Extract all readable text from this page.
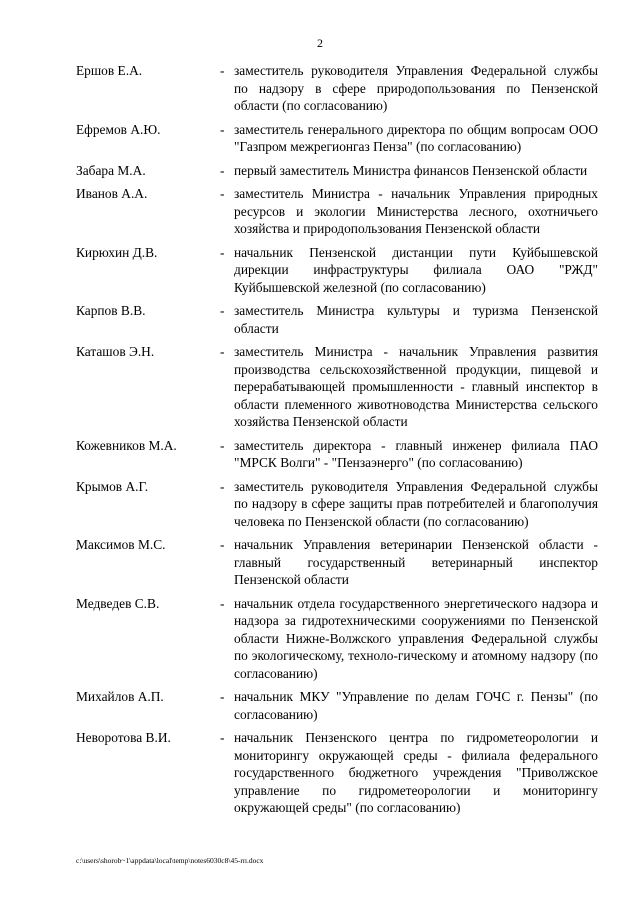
2
Ершов Е.А.	- заместитель руководителя Управления Федеральной службы по надзору в сфере природопользования по Пензенской области (по согласованию)
Ефремов А.Ю.	- заместитель генерального директора по общим вопросам ООО "Газпром межрегионгаз Пенза" (по согласованию)
Забара М.А.	- первый заместитель Министра финансов Пензенской области
Иванов А.А.	- заместитель Министра - начальник Управления природных ресурсов и экологии Министерства лесного, охотничьего хозяйства и природопользования Пензенской области
Кирюхин Д.В.	- начальник Пензенской дистанции пути Куйбышевской дирекции инфраструктуры филиала ОАО "РЖД" Куйбышевской железной (по согласованию)
Карпов В.В.	- заместитель Министра культуры и туризма Пензенской области
Каташов Э.Н.	- заместитель Министра - начальник Управления развития производства сельскохозяйственной продукции, пищевой и перерабатывающей промышленности - главный инспектор в области племенного животноводства Министерства сельского хозяйства Пензенской области
Кожевников М.А.	- заместитель директора - главный инженер филиала ПАО "МРСК Волги" - "Пензаэнерго" (по согласованию)
Крымов А.Г.	- заместитель руководителя Управления Федеральной службы по надзору в сфере защиты прав потребителей и благополучия человека по Пензенской области (по согласованию)
Максимов М.С.	- начальник Управления ветеринарии Пензенской области - главный государственный ветеринарный инспектор Пензенской области
Медведев С.В.	- начальник отдела государственного энергетического надзора и надзора за гидротехническими сооружениями по Пензенской области Нижне-Волжского управления Федеральной службы по экологическому, техноло-гическому и атомному надзору (по согласованию)
Михайлов А.П.	- начальник МКУ "Управление по делам ГОЧС г. Пензы" (по согласованию)
Неворотова В.И.	- начальник Пензенского центра по гидрометеорологии и мониторингу окружающей среды - филиала федерального государственного бюджетного учреждения "Приволжское управление по гидрометеорологии и мониторингу окружающей среды" (по согласованию)
c:\users\shorob~1\appdata\local\temp\notes6030c8\45-rп.docx
